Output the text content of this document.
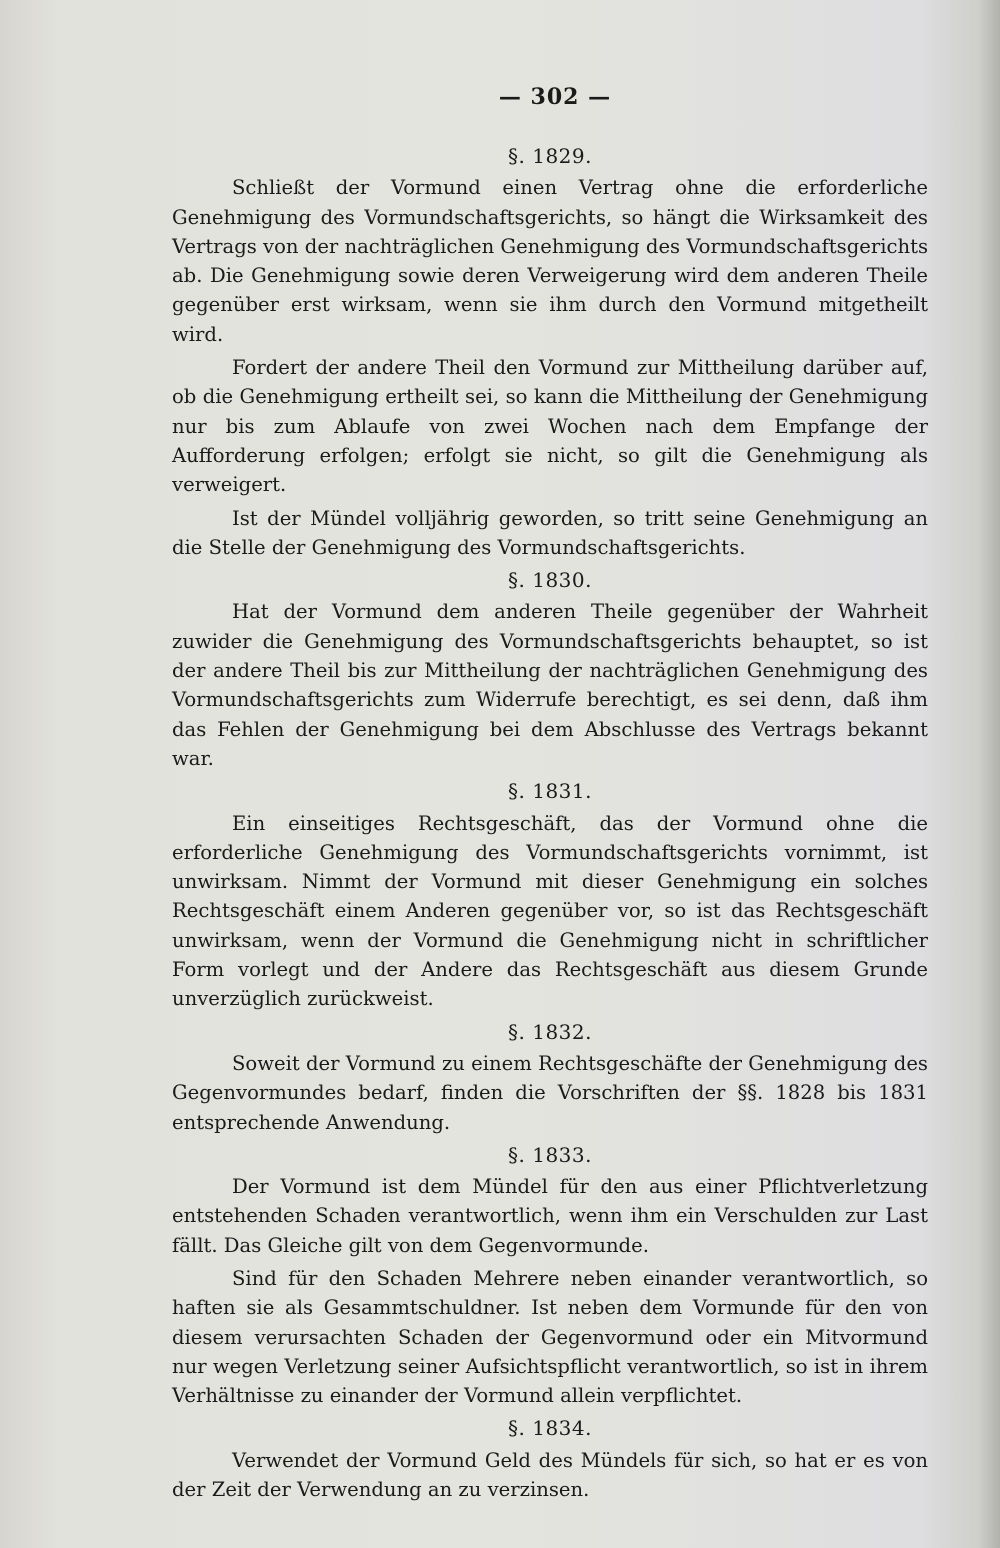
— 302 —
§. 1829.

Schließt der Vormund einen Vertrag ohne die erforderliche Genehmigung des Vormundschaftsgerichts, so hängt die Wirksamkeit des Vertrags von der nachträglichen Genehmigung des Vormundschaftsgerichts ab. Die Genehmigung sowie deren Verweigerung wird dem anderen Theile gegenüber erst wirksam, wenn sie ihm durch den Vormund mitgetheilt wird.

Fordert der andere Theil den Vormund zur Mittheilung darüber auf, ob die Genehmigung ertheilt sei, so kann die Mittheilung der Genehmigung nur bis zum Ablaufe von zwei Wochen nach dem Empfange der Aufforderung erfolgen; erfolgt sie nicht, so gilt die Genehmigung als verweigert.

Ist der Mündel volljährig geworden, so tritt seine Genehmigung an die Stelle der Genehmigung des Vormundschaftsgerichts.

§. 1830.

Hat der Vormund dem anderen Theile gegenüber der Wahrheit zuwider die Genehmigung des Vormundschaftsgerichts behauptet, so ist der andere Theil bis zur Mittheilung der nachträglichen Genehmigung des Vormundschaftsgerichts zum Widerrufe berechtigt, es sei denn, daß ihm das Fehlen der Genehmigung bei dem Abschlusse des Vertrags bekannt war.

§. 1831.

Ein einseitiges Rechtsgeschäft, das der Vormund ohne die erforderliche Genehmigung des Vormundschaftsgerichts vornimmt, ist unwirksam. Nimmt der Vormund mit dieser Genehmigung ein solches Rechtsgeschäft einem Anderen gegenüber vor, so ist das Rechtsgeschäft unwirksam, wenn der Vormund die Genehmigung nicht in schriftlicher Form vorlegt und der Andere das Rechtsgeschäft aus diesem Grunde unverzüglich zurückweist.

§. 1832.

Soweit der Vormund zu einem Rechtsgeschäfte der Genehmigung des Gegenvormundes bedarf, finden die Vorschriften der §§. 1828 bis 1831 entsprechende Anwendung.

§. 1833.

Der Vormund ist dem Mündel für den aus einer Pflichtverletzung entstehenden Schaden verantwortlich, wenn ihm ein Verschulden zur Last fällt. Das Gleiche gilt von dem Gegenvormunde.

Sind für den Schaden Mehrere neben einander verantwortlich, so haften sie als Gesammtschuldner. Ist neben dem Vormunde für den von diesem verursachten Schaden der Gegenvormund oder ein Mitvormund nur wegen Verletzung seiner Aufsichtspflicht verantwortlich, so ist in ihrem Verhältnisse zu einander der Vormund allein verpflichtet.

§. 1834.

Verwendet der Vormund Geld des Mündels für sich, so hat er es von der Zeit der Verwendung an zu verzinsen.
